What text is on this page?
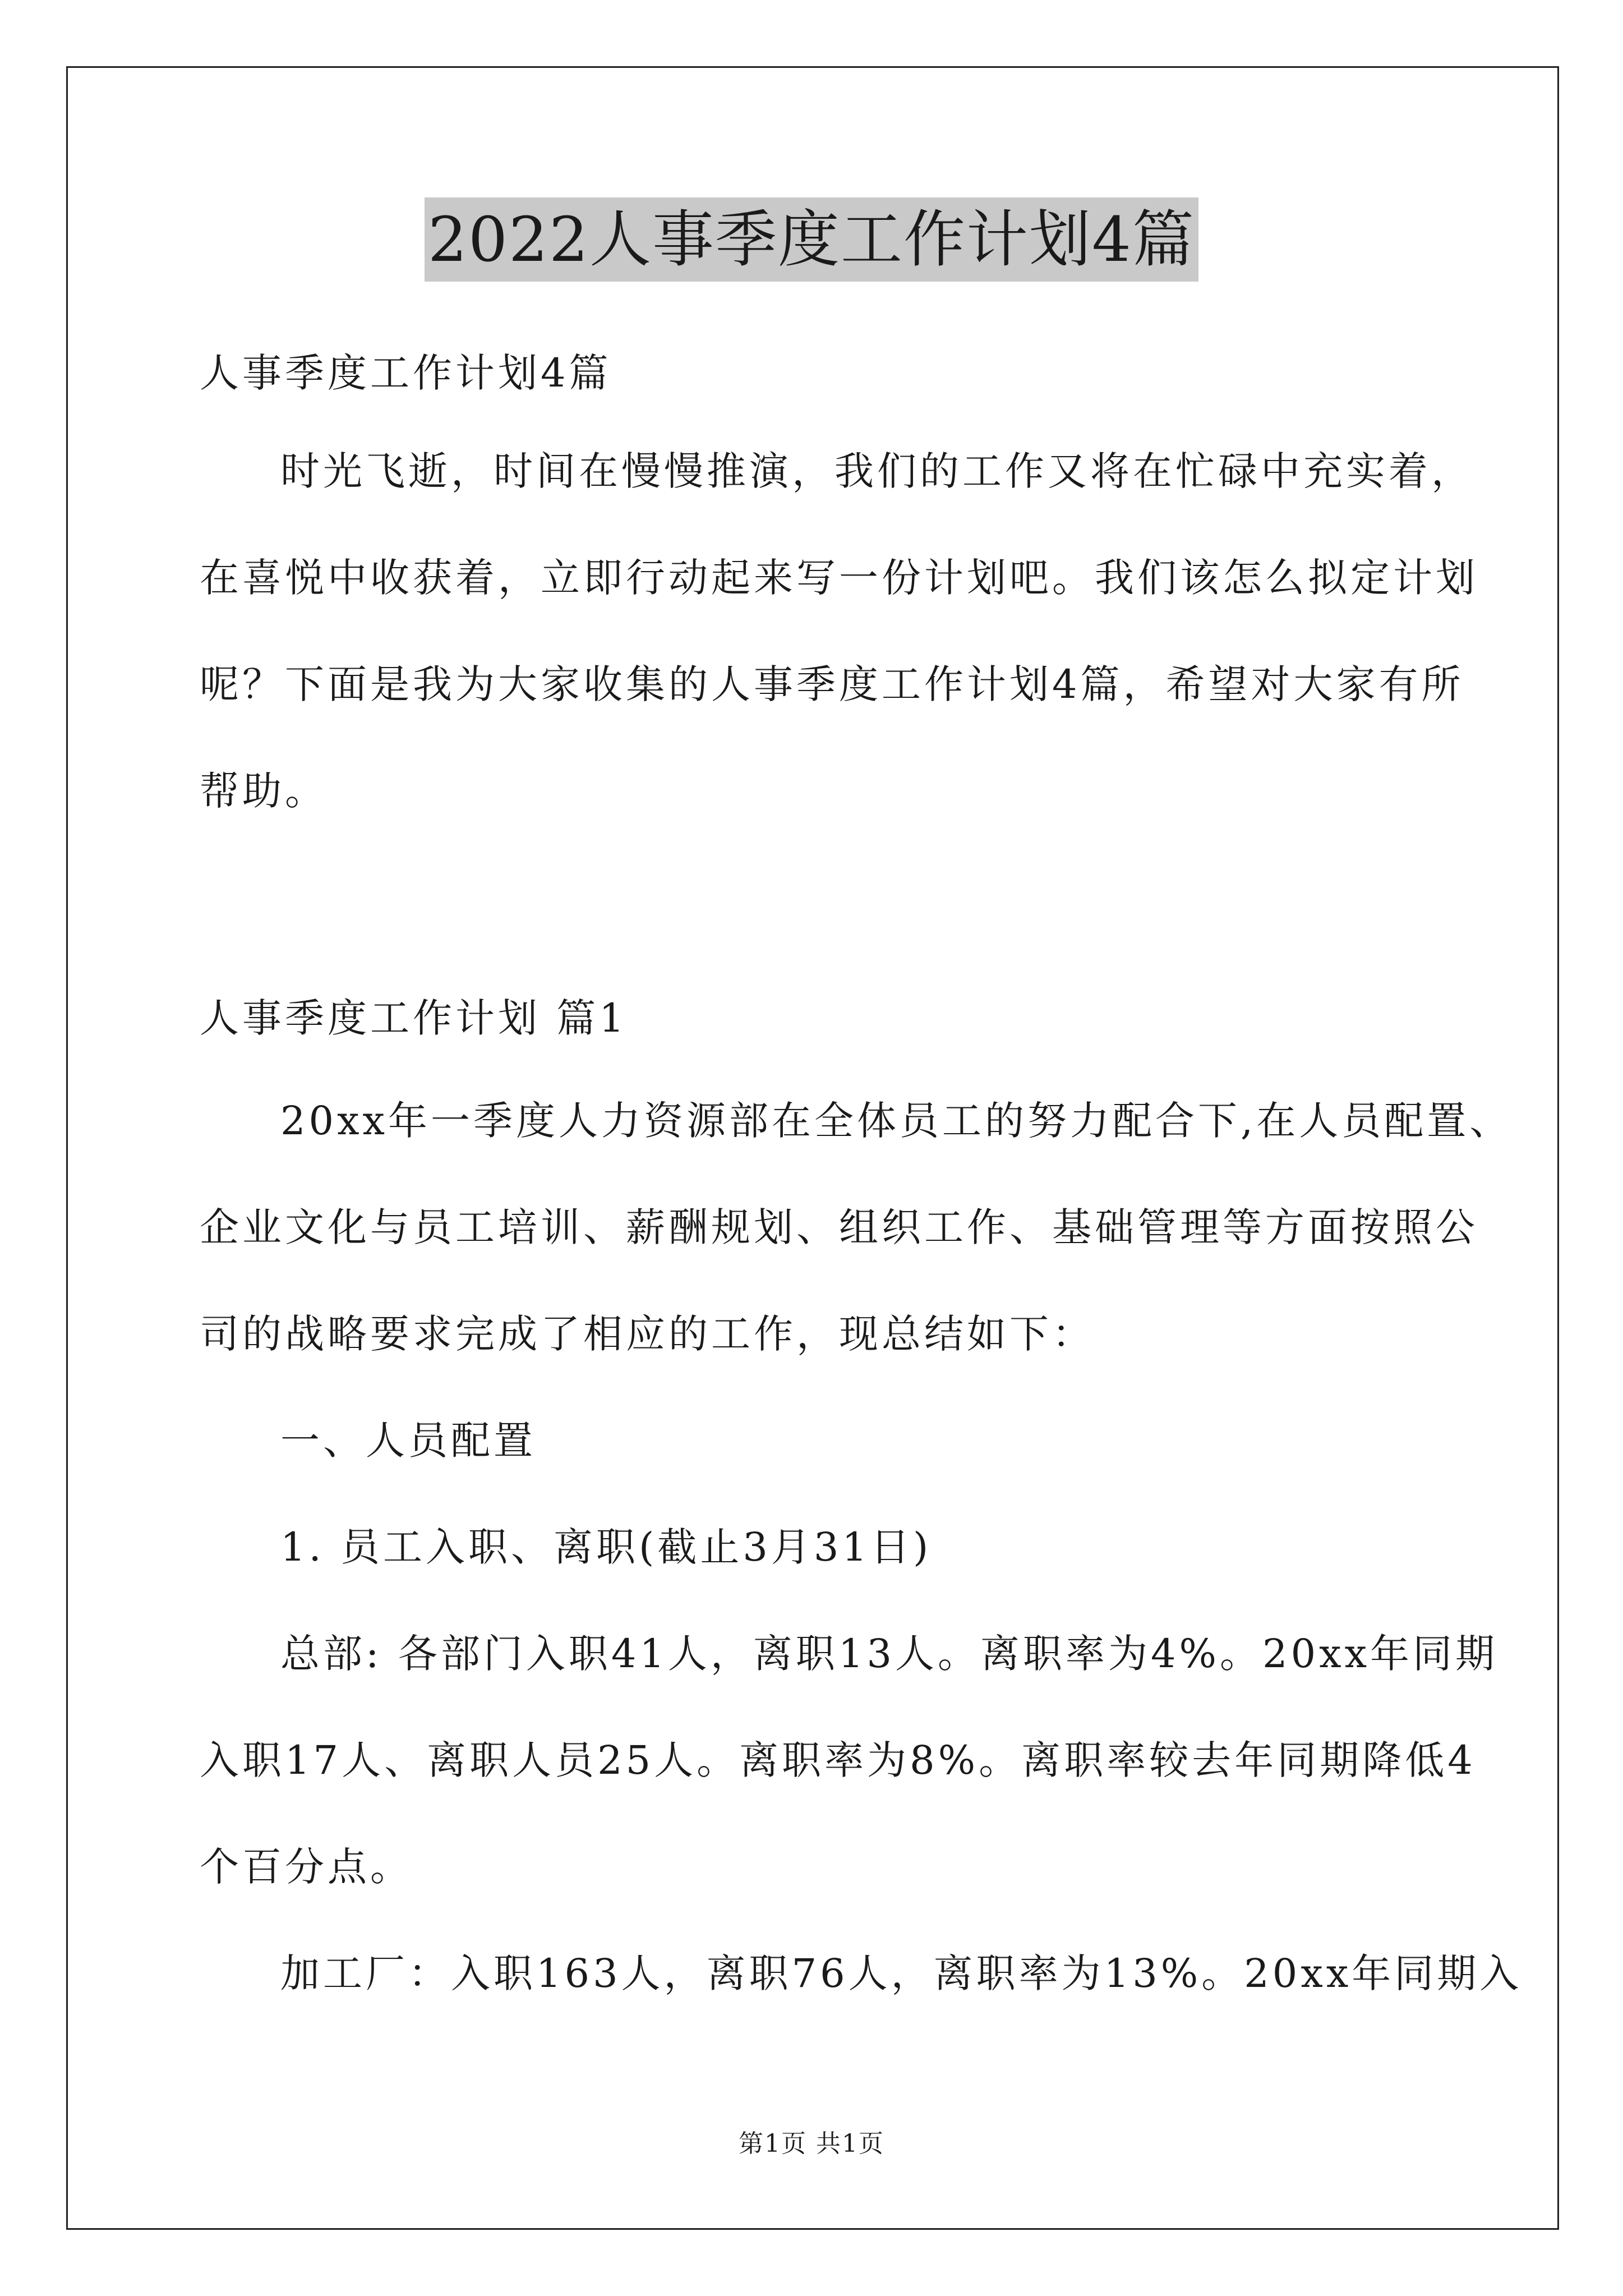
2022人事季度工作计划4篇
人事季度工作计划4篇
时光飞逝，时间在慢慢推演，我们的工作又将在忙碌中充实着，
在喜悦中收获着，立即行动起来写一份计划吧。我们该怎么拟定计划
呢？下面是我为大家收集的人事季度工作计划4篇，希望对大家有所
帮助。
人事季度工作计划 篇1
20xx年一季度人力资源部在全体员工的努力配合下,在人员配置、
企业文化与员工培训、薪酬规划、组织工作、基础管理等方面按照公
司的战略要求完成了相应的工作，现总结如下：
一、人员配置
1. 员工入职、离职(截止3月31日)
总部: 各部门入职41人，离职13人。离职率为4%。20xx年同期
入职17人、离职人员25人。离职率为8%。离职率较去年同期降低4
个百分点。
加工厂：入职163人，离职76人，离职率为13%。20xx年同期入
第1页 共1页
